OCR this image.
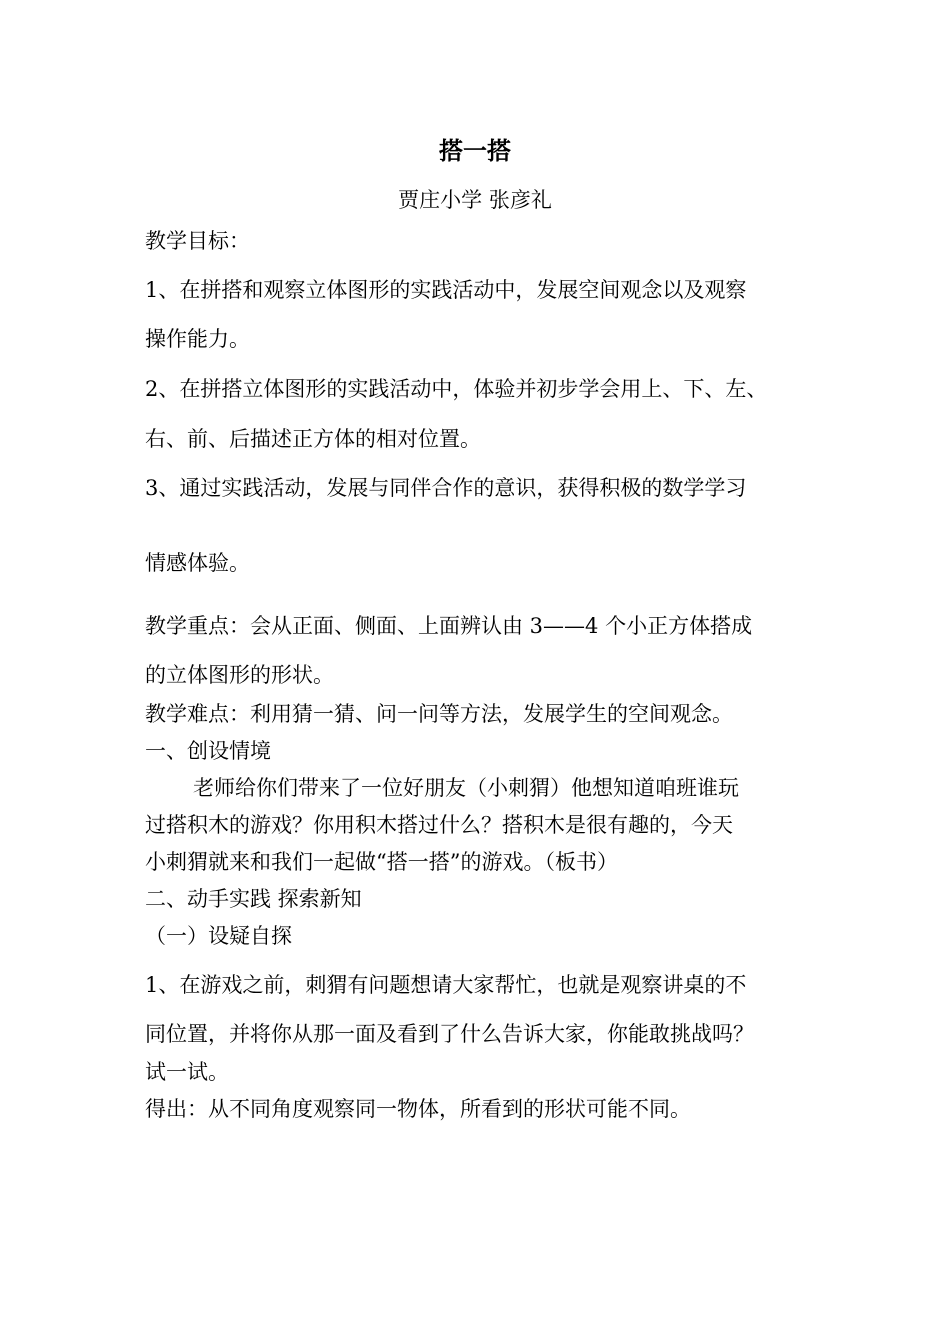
搭一搭
贾庄小学 张彦礼
教学目标：
1、在拼搭和观察立体图形的实践活动中，发展空间观念以及观察
操作能力。
2、在拼搭立体图形的实践活动中，体验并初步学会用上、下、左、
右、前、后描述正方体的相对位置。
3、通过实践活动，发展与同伴合作的意识，获得积极的数学学习
情感体验。
教学重点：会从正面、侧面、上面辨认由 3——4 个小正方体搭成
的立体图形的形状。
教学难点：利用猜一猜、问一问等方法，发展学生的空间观念。
一、创设情境
老师给你们带来了一位好朋友（小刺猬）他想知道咱班谁玩
过搭积木的游戏？你用积木搭过什么？搭积木是很有趣的，今天
小刺猬就来和我们一起做“搭一搭”的游戏。（板书）
二、动手实践 探索新知
（一）设疑自探
1、在游戏之前，刺猬有问题想请大家帮忙，也就是观察讲桌的不
同位置，并将你从那一面及看到了什么告诉大家，你能敢挑战吗？
试一试。
得出：从不同角度观察同一物体，所看到的形状可能不同。
